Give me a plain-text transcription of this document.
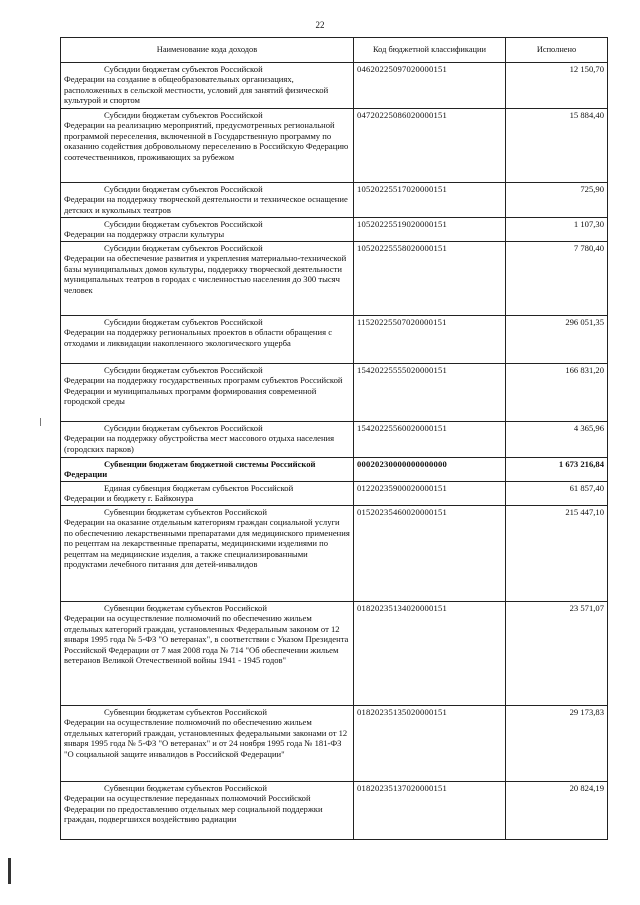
22
Наименование кода доходов	Код бюджетной классификации	Исполнено

Субсидии бюджетам субъектов Российской
Федерации на создание в общеобразовательных организациях, расположенных в сельской местности, условий для занятий физической культурой и спортом	04620225097020000151	12 150,70

Субсидии бюджетам субъектов Российской
Федерации на реализацию мероприятий, предусмотренных региональной программой переселения, включенной в Государственную программу по оказанию содействия добровольному переселению в Российскую Федерацию соотечественников, проживающих за рубежом	04720225086020000151	15 884,40

Субсидии бюджетам субъектов Российской
Федерации на поддержку творческой деятельности и техническое оснащение детских и кукольных театров	10520225517020000151	725,90

Субсидии бюджетам субъектов Российской
Федерации на поддержку отрасли культуры	10520225519020000151	1 107,30

Субсидии бюджетам субъектов Российской
Федерации на обеспечение развития и укрепления материально-технической базы муниципальных домов культуры, поддержку творческой деятельности муниципальных театров в городах с численностью населения до 300 тысяч человек	10520225558020000151	7 780,40

Субсидии бюджетам субъектов Российской
Федерации на поддержку региональных проектов в области обращения с отходами и ликвидации накопленного экологического ущерба	11520225507020000151	296 051,35

Субсидии бюджетам субъектов Российской
Федерации на поддержку государственных программ субъектов Российской Федерации и муниципальных программ формирования современной городской среды	15420225555020000151	166 831,20

Субсидии бюджетам субъектов Российской
Федерации на поддержку обустройства мест массового отдыха населения (городских парков)	15420225560020000151	4 365,96

Субвенции бюджетам бюджетной системы Российской
Федерации	00020230000000000000	1 673 216,84

Единая субвенция бюджетам субъектов Российской
Федерации и бюджету г. Байконура	01220235900020000151	61 857,40

Субвенции бюджетам субъектов Российской
Федерации на оказание отдельным категориям граждан социальной услуги по обеспечению лекарственными препаратами для медицинского применения по рецептам на лекарственные препараты, медицинскими изделиями по рецептам на медицинские изделия, а также специализированными продуктами лечебного питания для детей-инвалидов	01520235460020000151	215 447,10

Субвенции бюджетам субъектов Российской
Федерации на осуществление полномочий по обеспечению жильем отдельных категорий граждан, установленных Федеральным законом от 12 января 1995 года № 5-ФЗ "О ветеранах", в соответствии с Указом Президента Российской Федерации от 7 мая 2008 года № 714 "Об обеспечении жильем ветеранов Великой Отечественной войны 1941 - 1945 годов"	01820235134020000151	23 571,07

Субвенции бюджетам субъектов Российской
Федерации на осуществление полномочий по обеспечению жильем отдельных категорий граждан, установленных федеральными законами от 12 января 1995 года № 5-ФЗ "О ветеранах" и от 24 ноября 1995 года № 181-ФЗ "О социальной защите инвалидов в Российской Федерации"	01820235135020000151	29 173,83

Субвенции бюджетам субъектов Российской
Федерации на осуществление переданных полномочий Российской Федерации по предоставлению отдельных мер социальной поддержки граждан, подвергшихся воздействию радиации	01820235137020000151	20 824,19
